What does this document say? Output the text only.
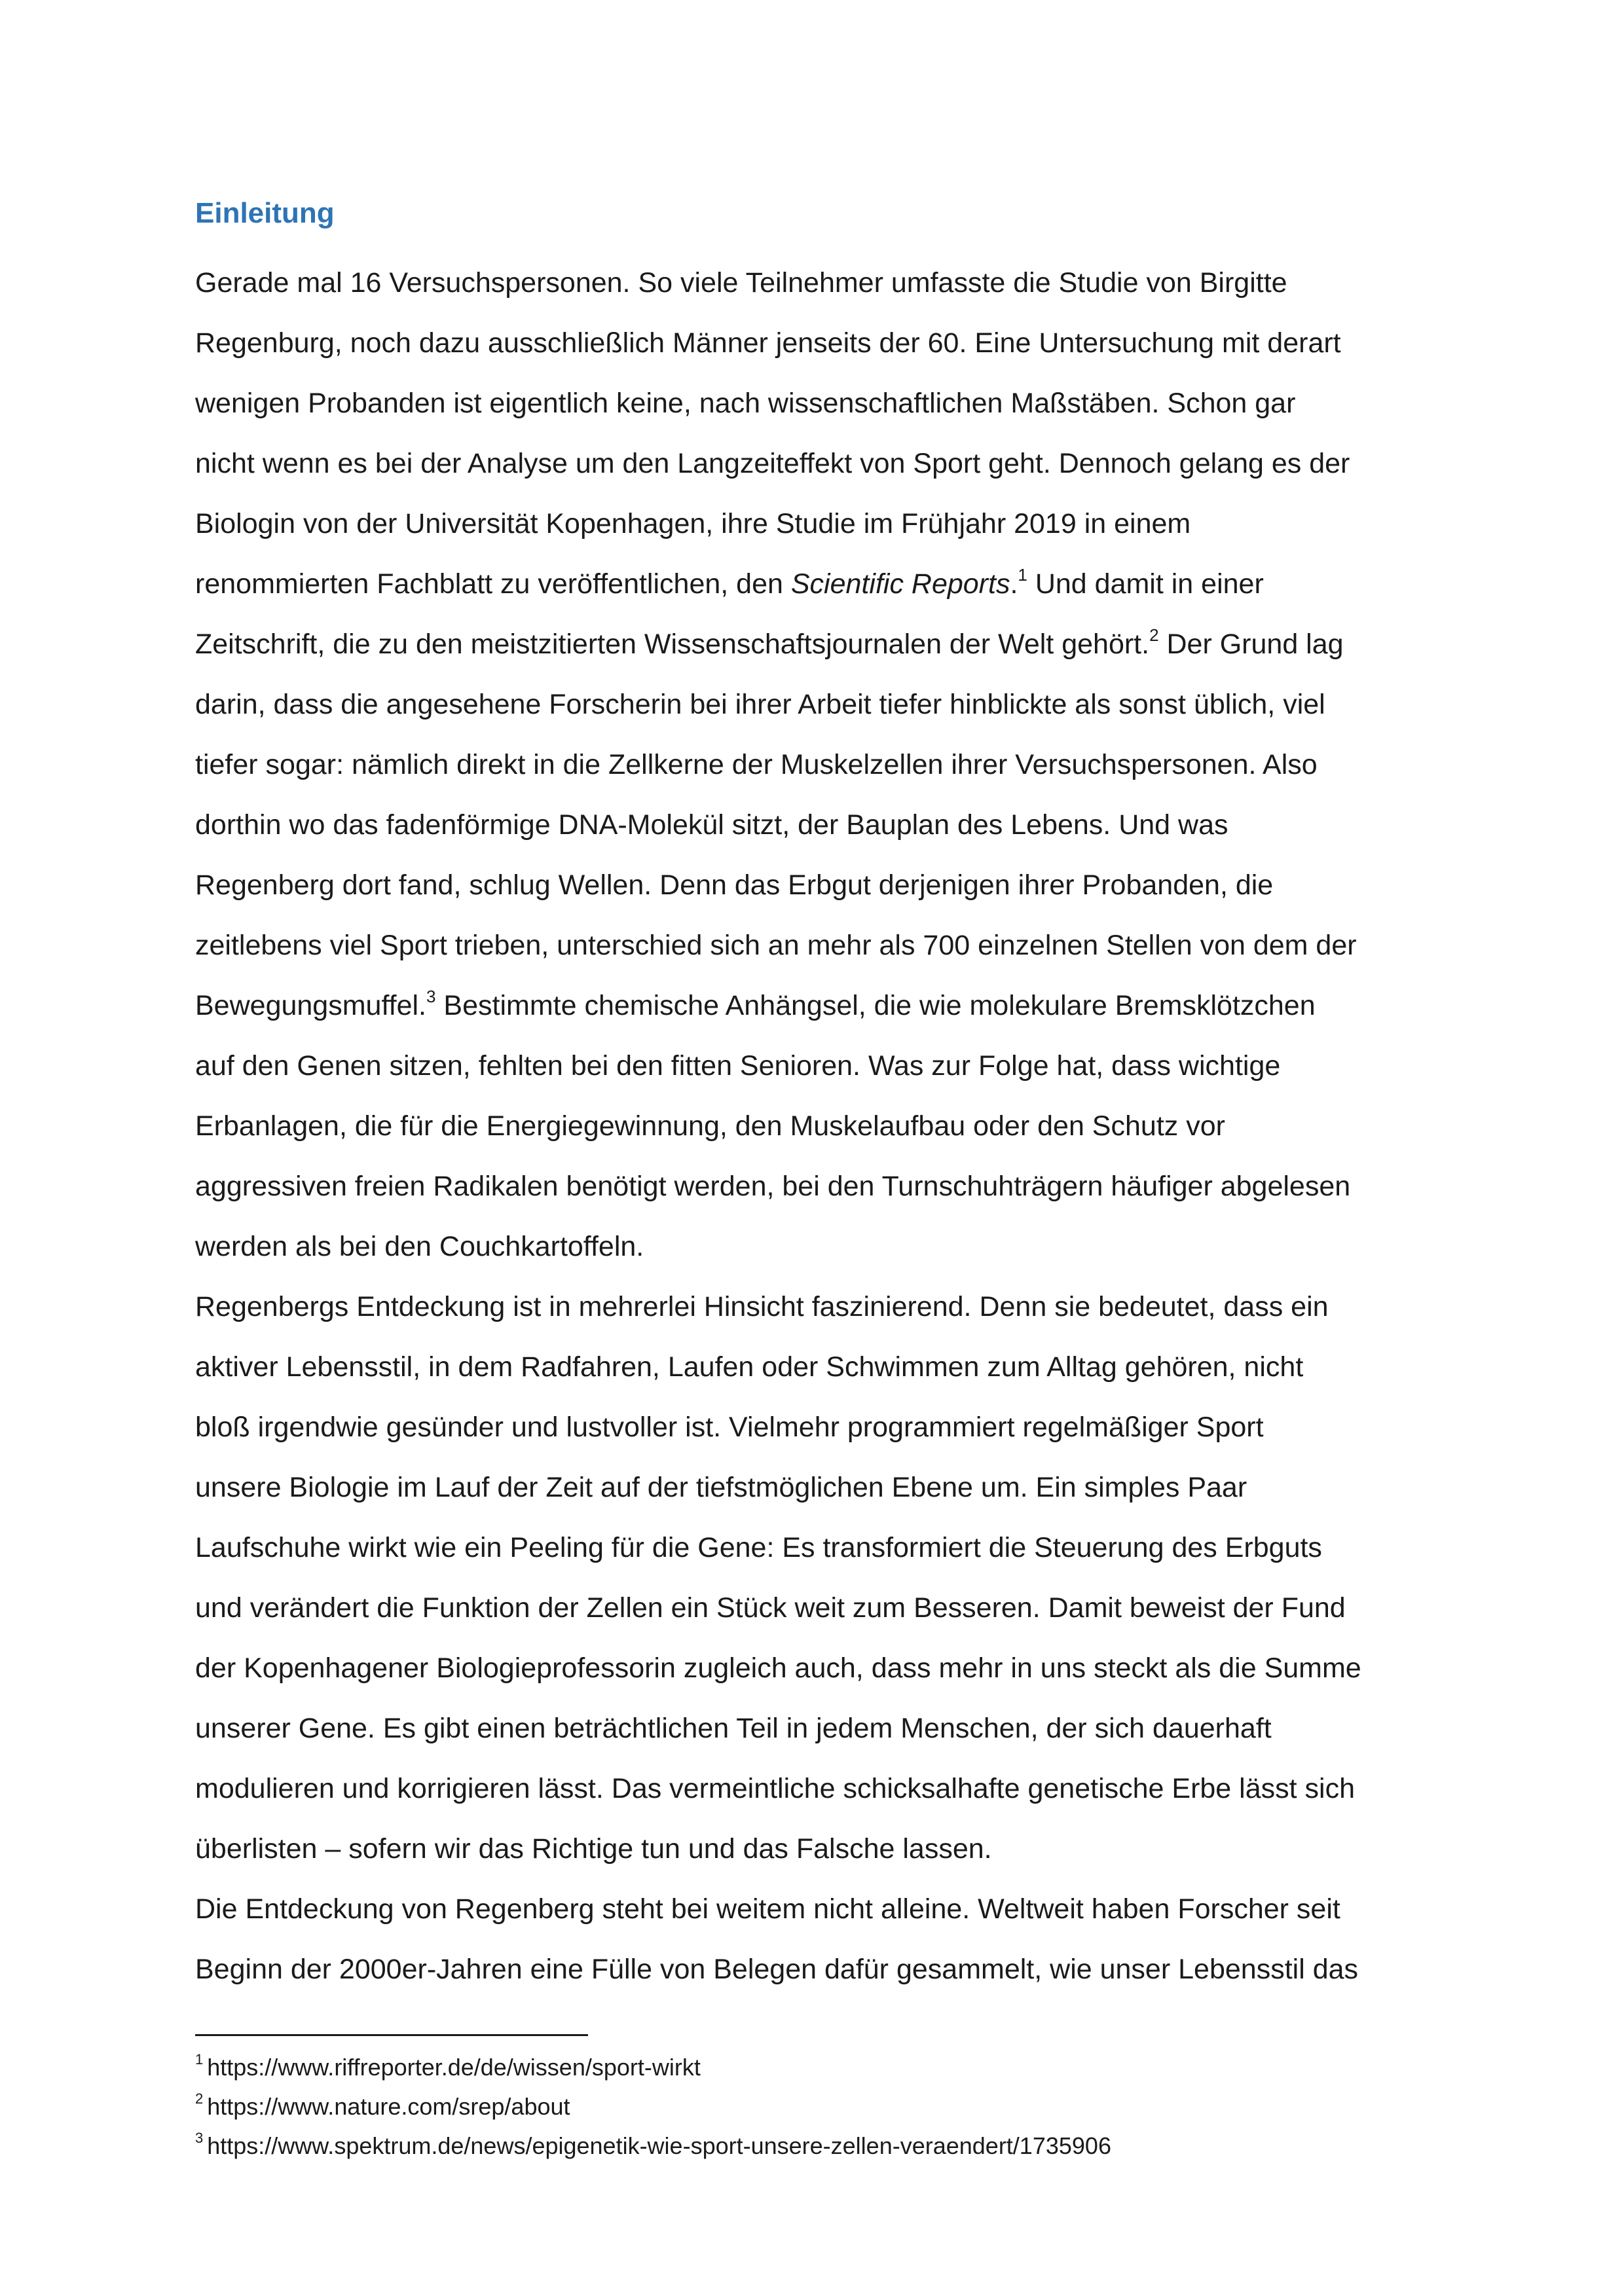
Einleitung
Gerade mal 16 Versuchspersonen. So viele Teilnehmer umfasste die Studie von Birgitte
Regenburg, noch dazu ausschließlich Männer jenseits der 60. Eine Untersuchung mit derart
wenigen Probanden ist eigentlich keine, nach wissenschaftlichen Maßstäben. Schon gar
nicht wenn es bei der Analyse um den Langzeiteffekt von Sport geht. Dennoch gelang es der
Biologin von der Universität Kopenhagen, ihre Studie im Frühjahr 2019 in einem
renommierten Fachblatt zu veröffentlichen, den Scientific Reports.$^1$ Und damit in einer
Zeitschrift, die zu den meistzitierten Wissenschaftsjournalen der Welt gehört.$^2$ Der Grund lag
darin, dass die angesehene Forscherin bei ihrer Arbeit tiefer hinblickte als sonst üblich, viel
tiefer sogar: nämlich direkt in die Zellkerne der Muskelzellen ihrer Versuchspersonen. Also
dorthin wo das fadenförmige DNA-Molekül sitzt, der Bauplan des Lebens. Und was
Regenberg dort fand, schlug Wellen. Denn das Erbgut derjenigen ihrer Probanden, die
zeitlebens viel Sport trieben, unterschied sich an mehr als 700 einzelnen Stellen von dem der
Bewegungsmuffel.$^3$ Bestimmte chemische Anhängsel, die wie molekulare Bremsklötzchen
auf den Genen sitzen, fehlten bei den fitten Senioren. Was zur Folge hat, dass wichtige
Erbanlagen, die für die Energiegewinnung, den Muskelaufbau oder den Schutz vor
aggressiven freien Radikalen benötigt werden, bei den Turnschuhträgern häufiger abgelesen
werden als bei den Couchkartoffeln.
Regenbergs Entdeckung ist in mehrerlei Hinsicht faszinierend. Denn sie bedeutet, dass ein
aktiver Lebensstil, in dem Radfahren, Laufen oder Schwimmen zum Alltag gehören, nicht
bloß irgendwie gesünder und lustvoller ist. Vielmehr programmiert regelmäßiger Sport
unsere Biologie im Lauf der Zeit auf der tiefstmöglichen Ebene um. Ein simples Paar
Laufschuhe wirkt wie ein Peeling für die Gene: Es transformiert die Steuerung des Erbguts
und verändert die Funktion der Zellen ein Stück weit zum Besseren. Damit beweist der Fund
der Kopenhagener Biologieprofessorin zugleich auch, dass mehr in uns steckt als die Summe
unserer Gene. Es gibt einen beträchtlichen Teil in jedem Menschen, der sich dauerhaft
modulieren und korrigieren lässt. Das vermeintliche schicksalhafte genetische Erbe lässt sich
überlisten – sofern wir das Richtige tun und das Falsche lassen.
Die Entdeckung von Regenberg steht bei weitem nicht alleine. Weltweit haben Forscher seit
Beginn der 2000er-Jahren eine Fülle von Belegen dafür gesammelt, wie unser Lebensstil das
$^1$ https://www.riffreporter.de/de/wissen/sport-wirkt
$^2$ https://www.nature.com/srep/about
$^3$ https://www.spektrum.de/news/epigenetik-wie-sport-unsere-zellen-veraendert/1735906
